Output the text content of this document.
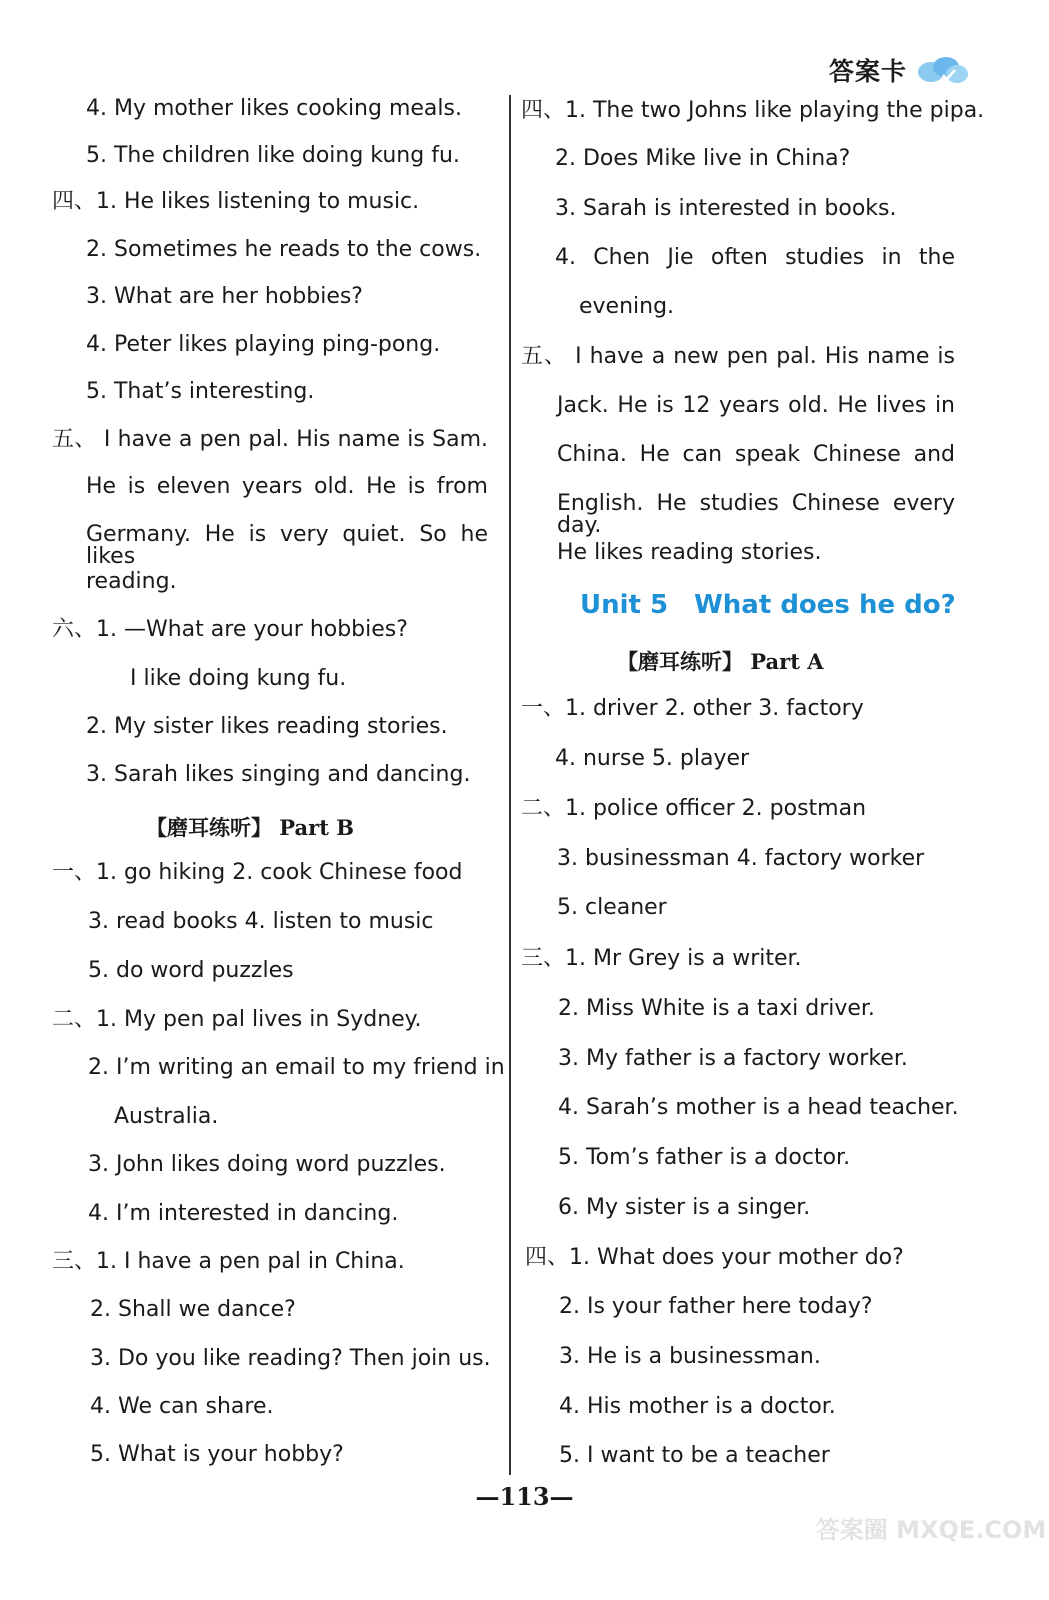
答案卡
4. My mother likes cooking meals.
5. The children like doing kung fu.
四、1. He likes listening to music.
2. Sometimes he reads to the cows.
3. What are her hobbies?
4. Peter likes playing ping-pong.
5. That’s interesting.
五、 I have a pen pal. His name is Sam.
He is eleven years old. He is from
Germany. He is very quiet. So he likes
reading.
六、1. —What are your hobbies?
I like doing kung fu.
2. My sister likes reading stories.
3. Sarah likes singing and dancing.
【磨耳练听】 Part B
一、1. go hiking 2. cook Chinese food
3. read books 4. listen to music
5. do word puzzles
二、1. My pen pal lives in Sydney.
2. I’m writing an email to my friend in
Australia.
3. John likes doing word puzzles.
4. I’m interested in dancing.
三、1. I have a pen pal in China.
2. Shall we dance?
3. Do you like reading? Then join us.
4. We can share.
5. What is your hobby?
四、1. The two Johns like playing the pipa.
2. Does Mike live in China?
3. Sarah is interested in books.
4. Chen Jie often studies in the
evening.
五、 I have a new pen pal. His name is
Jack. He is 12 years old. He lives in
China. He can speak Chinese and
English. He studies Chinese every day.
He likes reading stories.
Unit 5 What does he do?
【磨耳练听】 Part A
一、1. driver 2. other 3. factory
4. nurse 5. player
二、1. police officer 2. postman
3. businessman 4. factory worker
5. cleaner
三、1. Mr Grey is a writer.
2. Miss White is a taxi driver.
3. My father is a factory worker.
4. Sarah’s mother is a head teacher.
5. Tom’s father is a doctor.
6. My sister is a singer.
四、1. What does your mother do?
2. Is your father here today?
3. He is a businessman.
4. His mother is a doctor.
5. I want to be a teacher
—113—
答案圈 MXQE.COM
